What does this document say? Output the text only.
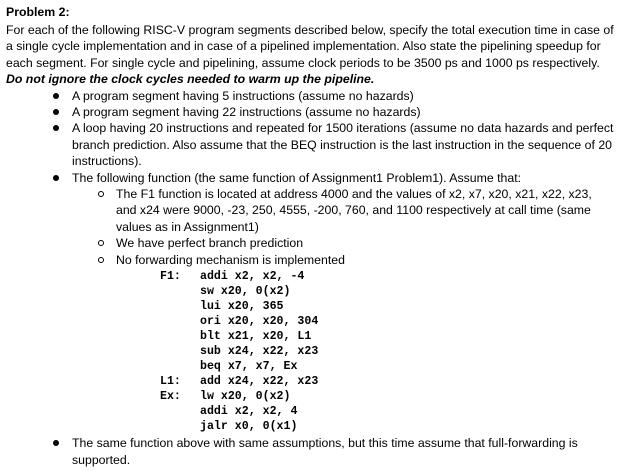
Problem 2:

For each of the following RISC-V program segments described below, specify the total execution time in case of a single cycle implementation and in case of a pipelined implementation. Also state the pipelining speedup for each segment. For single cycle and pipelining, assume clock periods to be 3500 ps and 1000 ps respectively. Do not ignore the clock cycles needed to warm up the pipeline.

A program segment having 5 instructions (assume no hazards)
A program segment having 22 instructions (assume no hazards)
A loop having 20 instructions and repeated for 1500 iterations (assume no data hazards and perfect branch prediction. Also assume that the BEQ instruction is the last instruction in the sequence of 20 instructions).
The following function (the same function of Assignment1 Problem1). Assume that:
The F1 function is located at address 4000 and the values of x2, x7, x20, x21, x22, x23, and x24 were 9000, -23, 250, 4555, -200, 760, and 1100 respectively at call time (same values as in Assignment1)
We have perfect branch prediction
No forwarding mechanism is implemented
F1:	addi x2, x2, -4
sw x20, 0(x2)
lui x20, 365
ori x20, x20, 304
blt x21, x20, L1
sub x24, x22, x23
beq x7, x7, Ex
L1:	add x24, x22, x23
Ex:	lw x20, 0(x2)
addi x2, x2, 4
jalr x0, 0(x1)
The same function above with same assumptions, but this time assume that full-forwarding is supported.
